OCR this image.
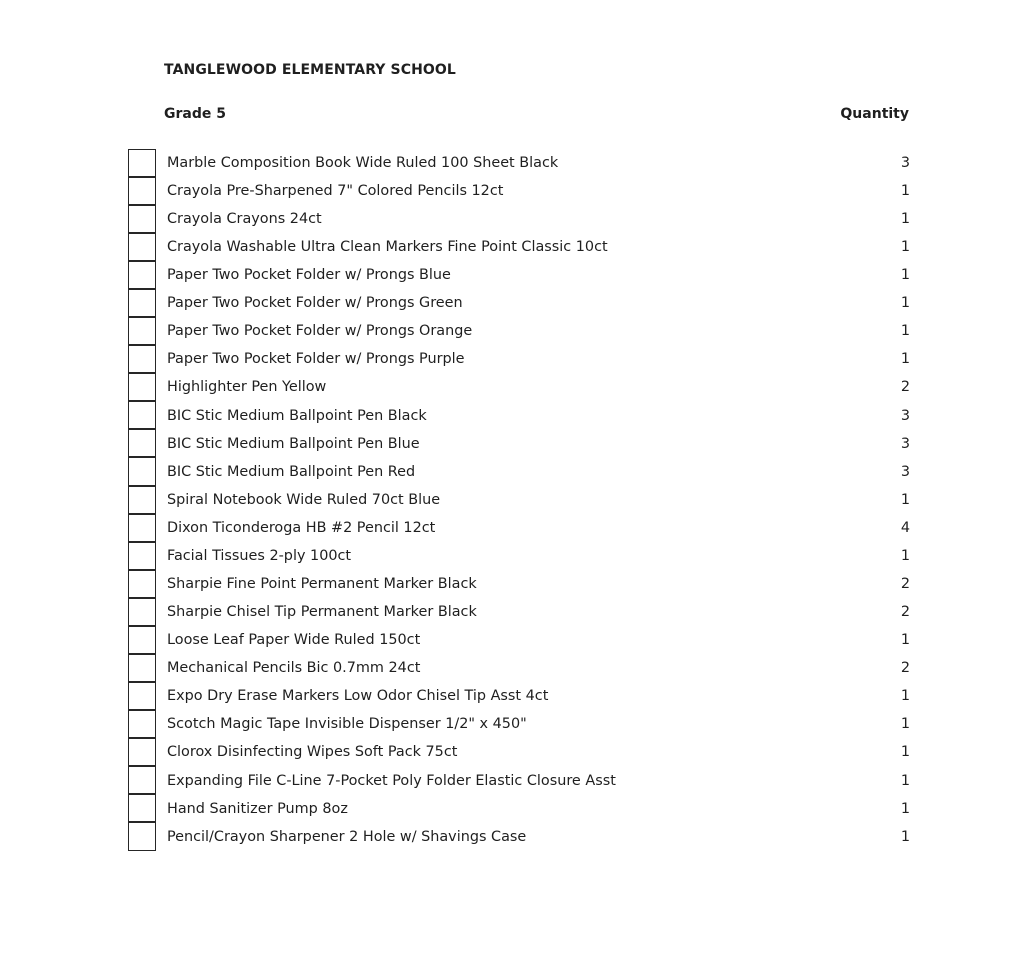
TANGLEWOOD ELEMENTARY SCHOOL
Grade 5	Quantity
Marble Composition Book Wide Ruled 100 Sheet Black	3
Crayola Pre-Sharpened 7" Colored Pencils 12ct	1
Crayola Crayons 24ct	1
Crayola Washable Ultra Clean Markers Fine Point Classic 10ct	1
Paper Two Pocket Folder w/ Prongs Blue	1
Paper Two Pocket Folder w/ Prongs Green	1
Paper Two Pocket Folder w/ Prongs Orange	1
Paper Two Pocket Folder w/ Prongs Purple	1
Highlighter Pen Yellow	2
BIC Stic Medium Ballpoint Pen Black	3
BIC Stic Medium Ballpoint Pen Blue	3
BIC Stic Medium Ballpoint Pen Red	3
Spiral Notebook Wide Ruled 70ct Blue	1
Dixon Ticonderoga HB #2 Pencil 12ct	4
Facial Tissues 2-ply 100ct	1
Sharpie Fine Point Permanent Marker Black	2
Sharpie Chisel Tip Permanent Marker Black	2
Loose Leaf Paper Wide Ruled 150ct	1
Mechanical Pencils Bic 0.7mm 24ct	2
Expo Dry Erase Markers Low Odor Chisel Tip Asst 4ct	1
Scotch Magic Tape Invisible Dispenser 1/2" x 450"	1
Clorox Disinfecting Wipes Soft Pack 75ct	1
Expanding File C-Line 7-Pocket Poly Folder Elastic Closure Asst	1
Hand Sanitizer Pump 8oz	1
Pencil/Crayon Sharpener 2 Hole w/ Shavings Case	1
